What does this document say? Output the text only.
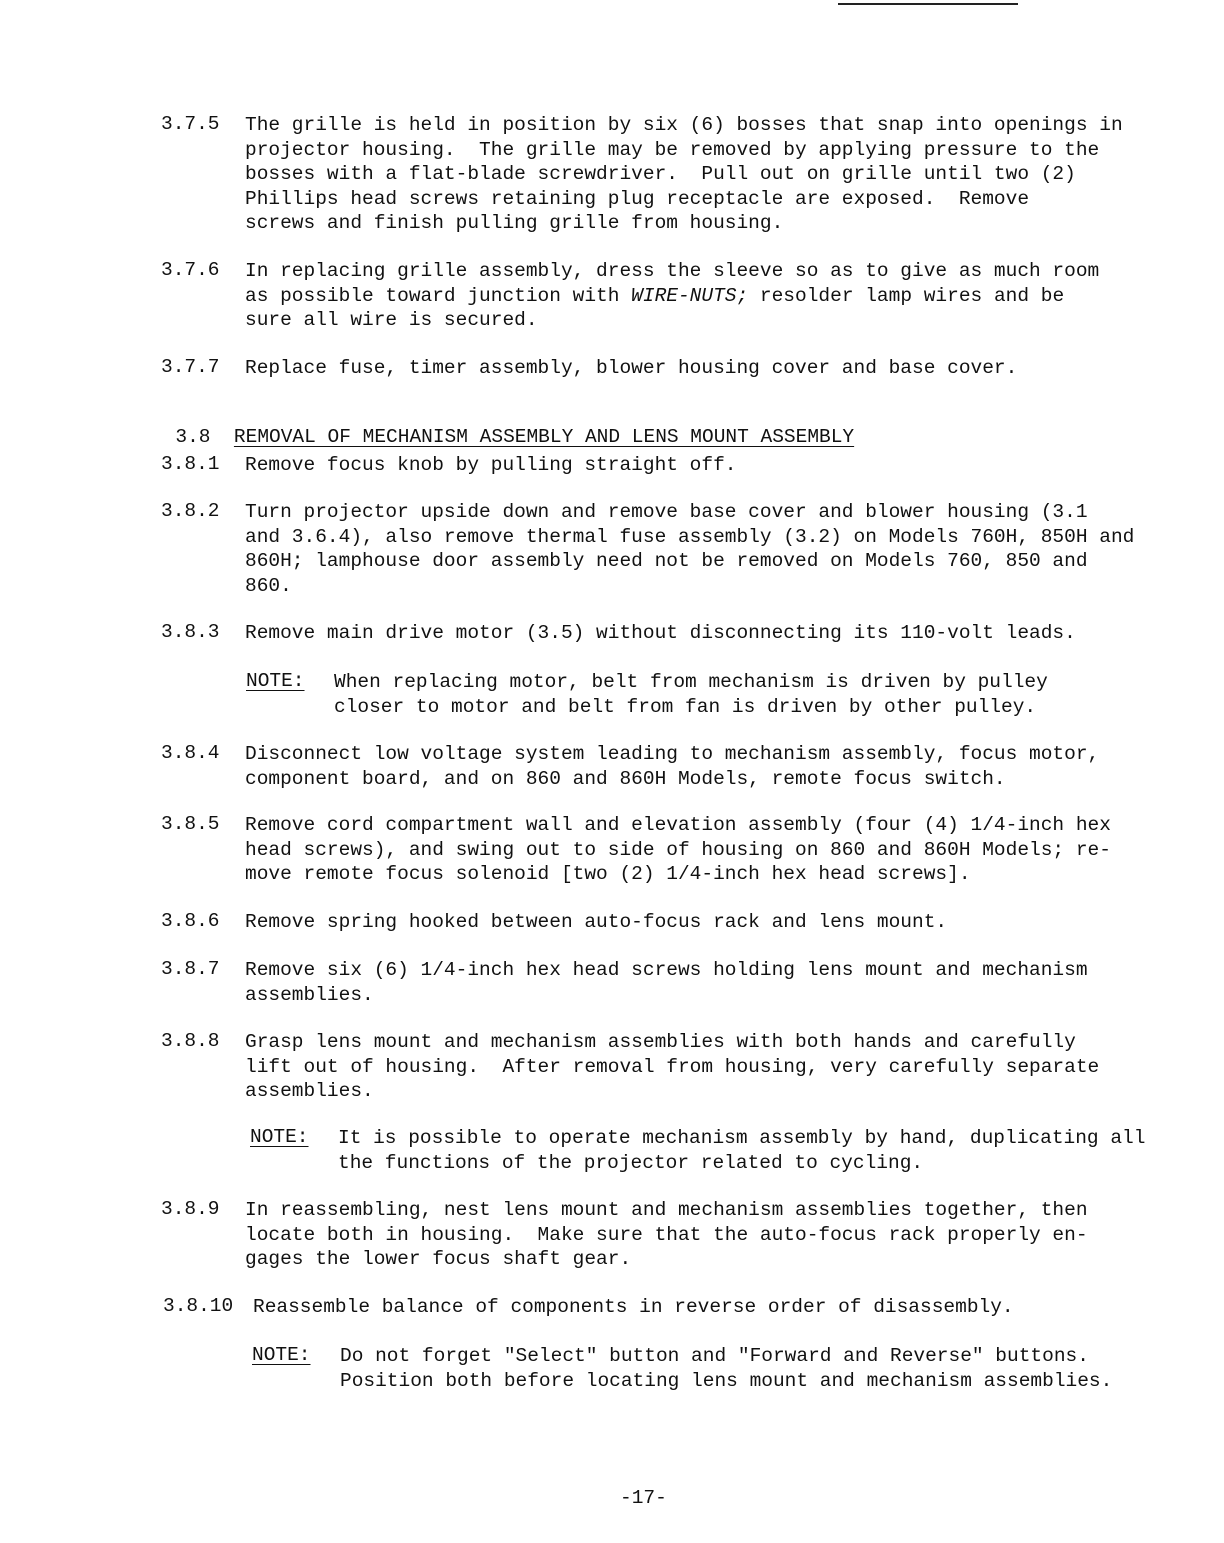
3.7.5 The grille is held in position by six (6) bosses that snap into openings in
projector housing.  The grille may be removed by applying pressure to the
bosses with a flat-blade screwdriver.  Pull out on grille until two (2)
Phillips head screws retaining plug receptacle are exposed.  Remove
screws and finish pulling grille from housing.
3.7.6 In replacing grille assembly, dress the sleeve so as to give as much room
as possible toward junction with WIRE-NUTS; resolder lamp wires and be
sure all wire is secured.
3.7.7 Replace fuse, timer assembly, blower housing cover and base cover.

3.8 REMOVAL OF MECHANISM ASSEMBLY AND LENS MOUNT ASSEMBLY

3.8.1 Remove focus knob by pulling straight off.
3.8.2 Turn projector upside down and remove base cover and blower housing (3.1
and 3.6.4), also remove thermal fuse assembly (3.2) on Models 760H, 850H and
860H; lamphouse door assembly need not be removed on Models 760, 850 and
860.
3.8.3 Remove main drive motor (3.5) without disconnecting its 110-volt leads.
NOTE: When replacing motor, belt from mechanism is driven by pulley
closer to motor and belt from fan is driven by other pulley.
3.8.4 Disconnect low voltage system leading to mechanism assembly, focus motor,
component board, and on 860 and 860H Models, remote focus switch.
3.8.5 Remove cord compartment wall and elevation assembly (four (4) 1/4-inch hex
head screws), and swing out to side of housing on 860 and 860H Models; re-
move remote focus solenoid [two (2) 1/4-inch hex head screws].
3.8.6 Remove spring hooked between auto-focus rack and lens mount.
3.8.7 Remove six (6) 1/4-inch hex head screws holding lens mount and mechanism
assemblies.
3.8.8 Grasp lens mount and mechanism assemblies with both hands and carefully
lift out of housing.  After removal from housing, very carefully separate
assemblies.
NOTE: It is possible to operate mechanism assembly by hand, duplicating all
the functions of the projector related to cycling.
3.8.9 In reassembling, nest lens mount and mechanism assemblies together, then
locate both in housing.  Make sure that the auto-focus rack properly en-
gages the lower focus shaft gear.
3.8.10 Reassemble balance of components in reverse order of disassembly.
NOTE: Do not forget "Select" button and "Forward and Reverse" buttons.
Position both before locating lens mount and mechanism assemblies.
-17-
